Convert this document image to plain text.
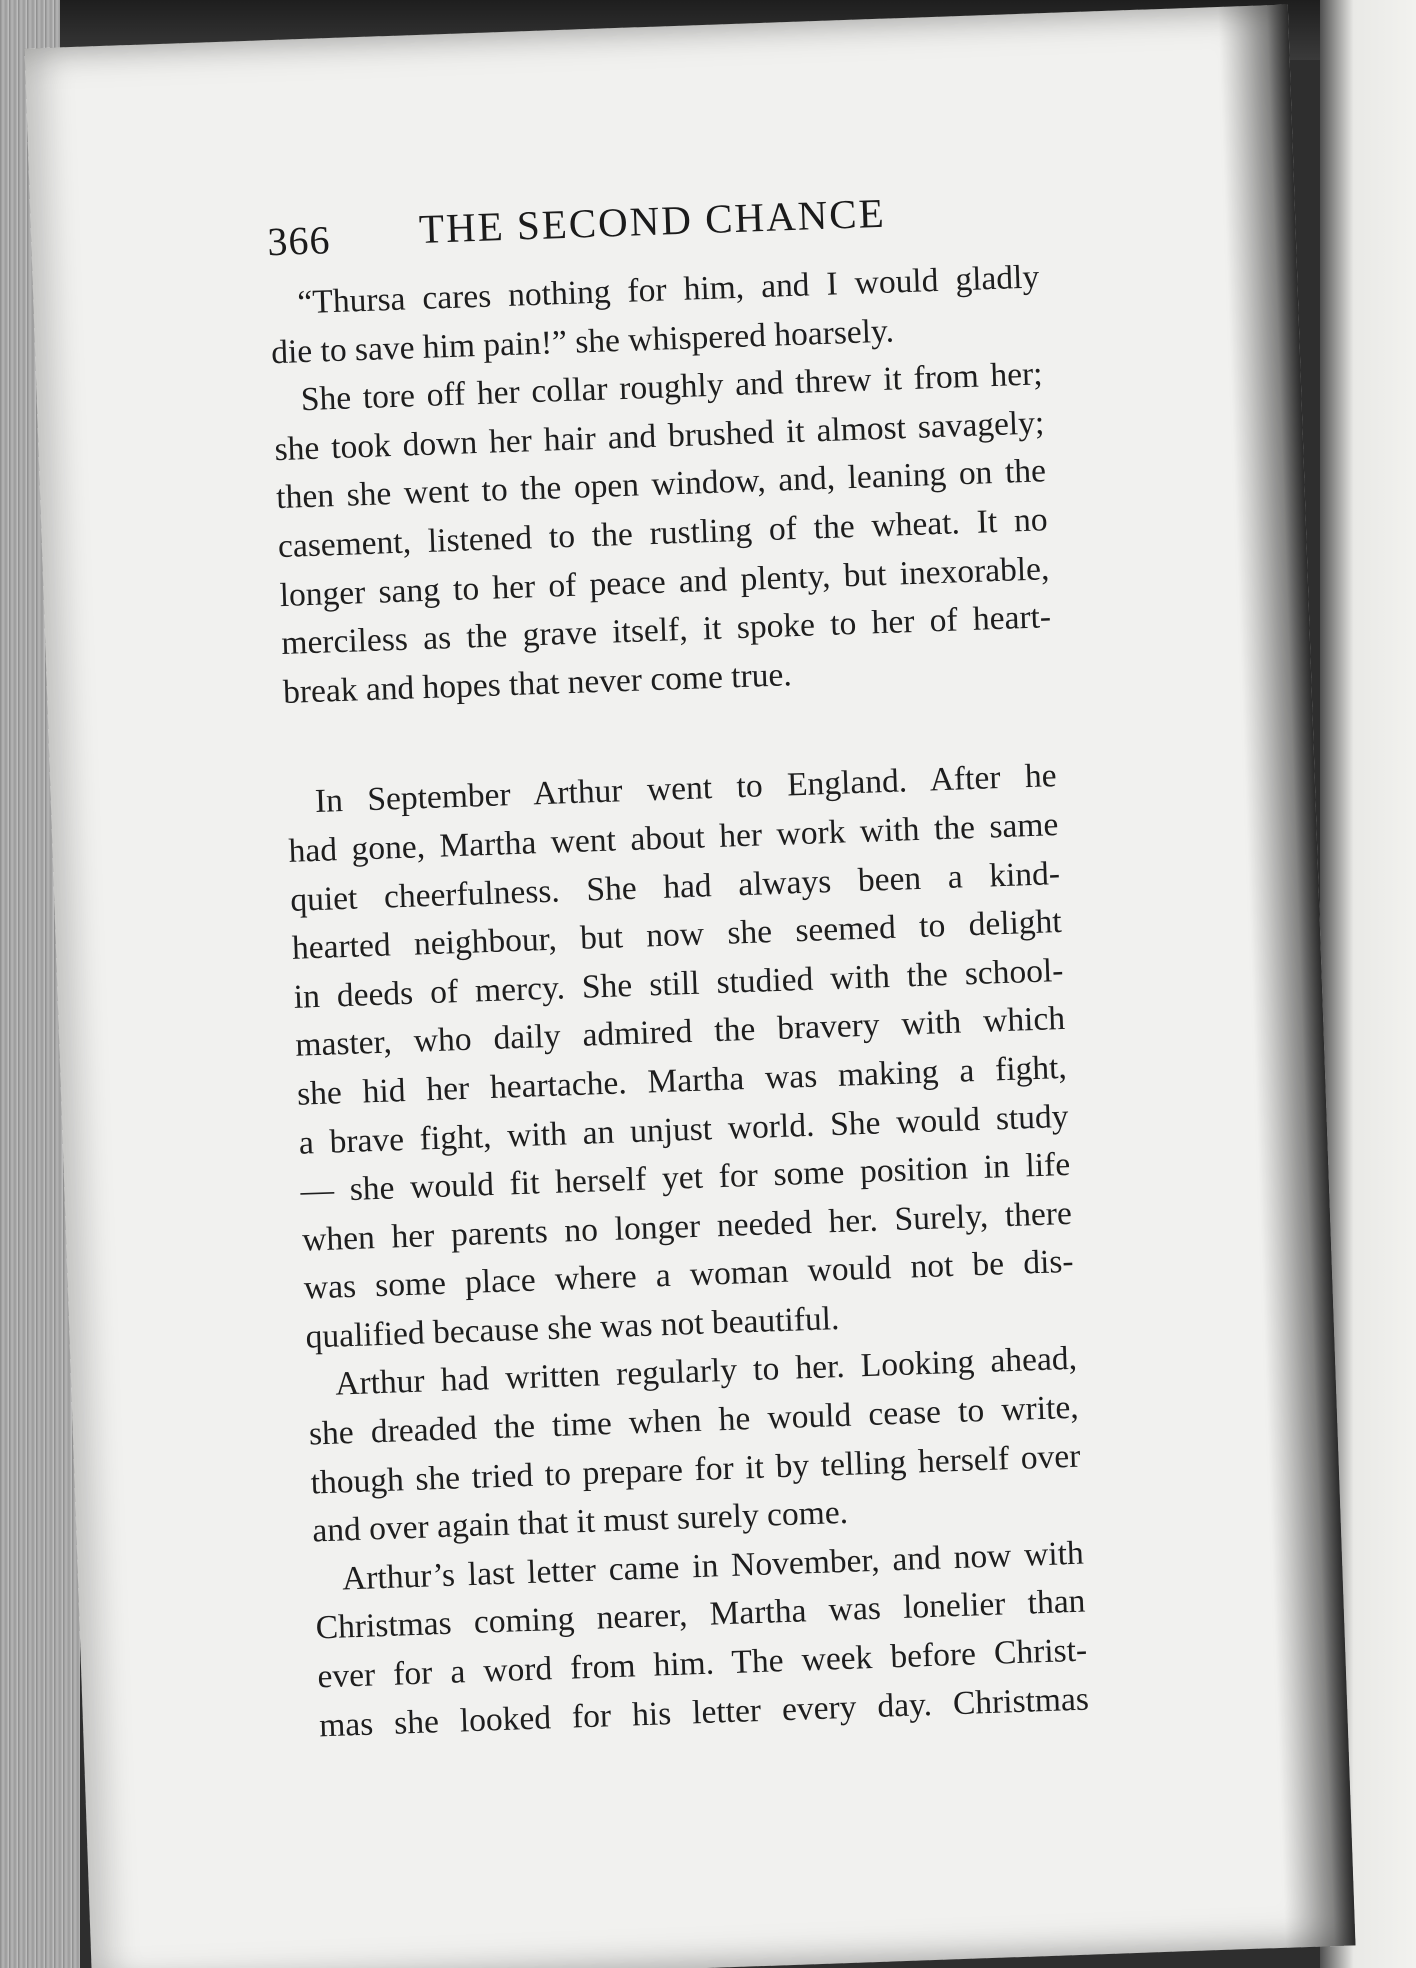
366 THE SECOND CHANCE

“Thursa cares nothing for him, and I would gladly
die to save him pain!” she whispered hoarsely.

She tore off her collar roughly and threw it from her;
she took down her hair and brushed it almost savagely;
then she went to the open window, and, leaning on the
casement, listened to the rustling of the wheat. It no
longer sang to her of peace and plenty, but inexorable,
merciless as the grave itself, it spoke to her of heart-
break and hopes that never come true.

In September Arthur went to England. After he
had gone, Martha went about her work with the same
quiet cheerfulness. She had always been a kind-
hearted neighbour, but now she seemed to delight
in deeds of mercy. She still studied with the school-
master, who daily admired the bravery with which
she hid her heartache. Martha was making a fight,
a brave fight, with an unjust world. She would study
— she would fit herself yet for some position in life
when her parents no longer needed her. Surely, there
was some place where a woman would not be dis-
qualified because she was not beautiful.

Arthur had written regularly to her. Looking ahead,
she dreaded the time when he would cease to write,
though she tried to prepare for it by telling herself over
and over again that it must surely come.

Arthur’s last letter came in November, and now with
Christmas coming nearer, Martha was lonelier than
ever for a word from him. The week before Christ-
mas she looked for his letter every day. Christmas
